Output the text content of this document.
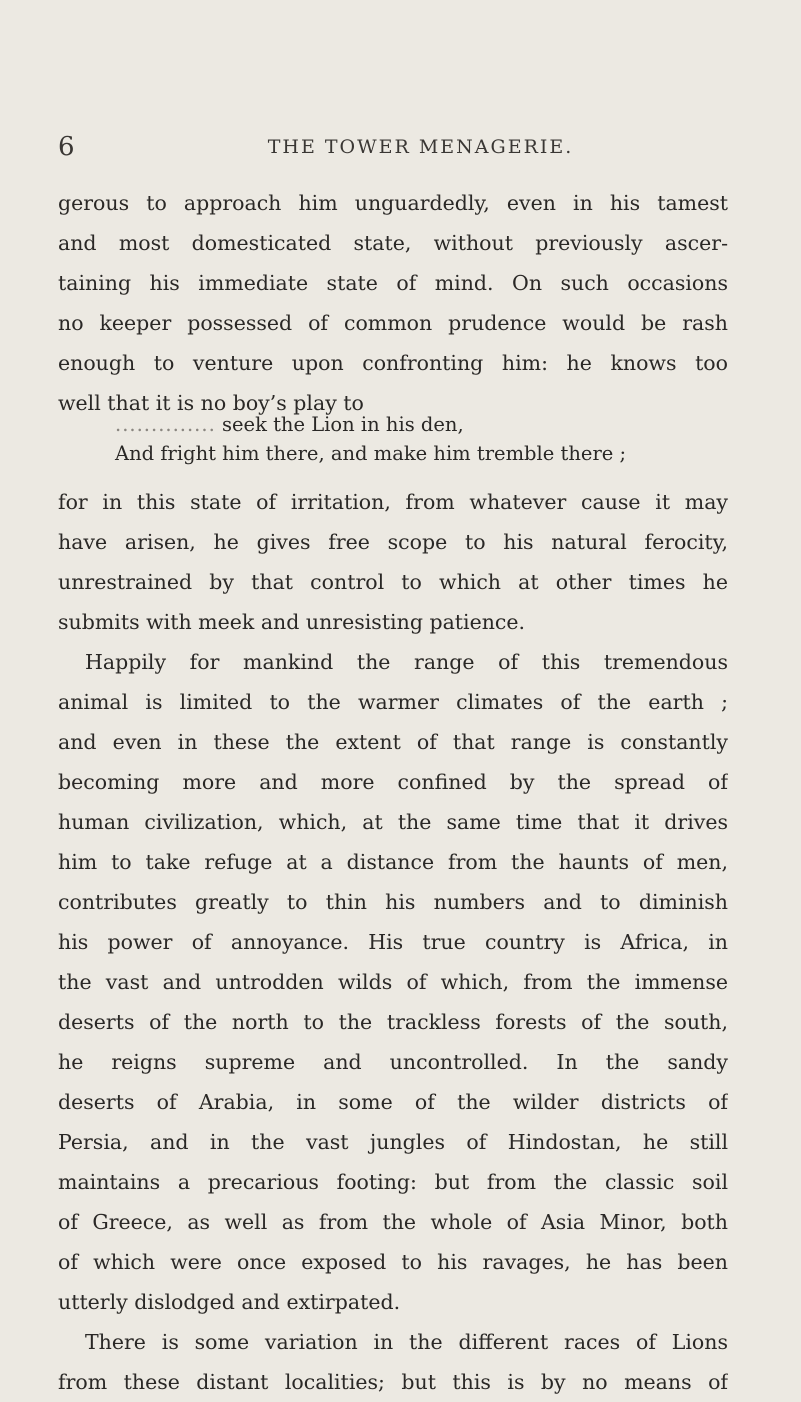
6	THE TOWER MENAGERIE.
gerous to approach him unguardedly, even in his tamest
and most domesticated state, without previously ascer-
taining his immediate state of mind. On such occasions
no keeper possessed of common prudence would be rash
enough to venture upon confronting him: he knows too
well that it is no boy’s play to
.............. seek the Lion in his den,
And fright him there, and make him tremble there ;
for in this state of irritation, from whatever cause it may
have arisen, he gives free scope to his natural ferocity,
unrestrained by that control to which at other times he
submits with meek and unresisting patience.
Happily for mankind the range of this tremendous
animal is limited to the warmer climates of the earth ;
and even in these the extent of that range is constantly
becoming more and more confined by the spread of
human civilization, which, at the same time that it drives
him to take refuge at a distance from the haunts of men,
contributes greatly to thin his numbers and to diminish
his power of annoyance. His true country is Africa, in
the vast and untrodden wilds of which, from the immense
deserts of the north to the trackless forests of the south,
he reigns supreme and uncontrolled. In the sandy
deserts of Arabia, in some of the wilder districts of
Persia, and in the vast jungles of Hindostan, he still
maintains a precarious footing: but from the classic soil
of Greece, as well as from the whole of Asia Minor, both
of which were once exposed to his ravages, he has been
utterly dislodged and extirpated.
There is some variation in the different races of Lions
from these distant localities; but this is by no means of
